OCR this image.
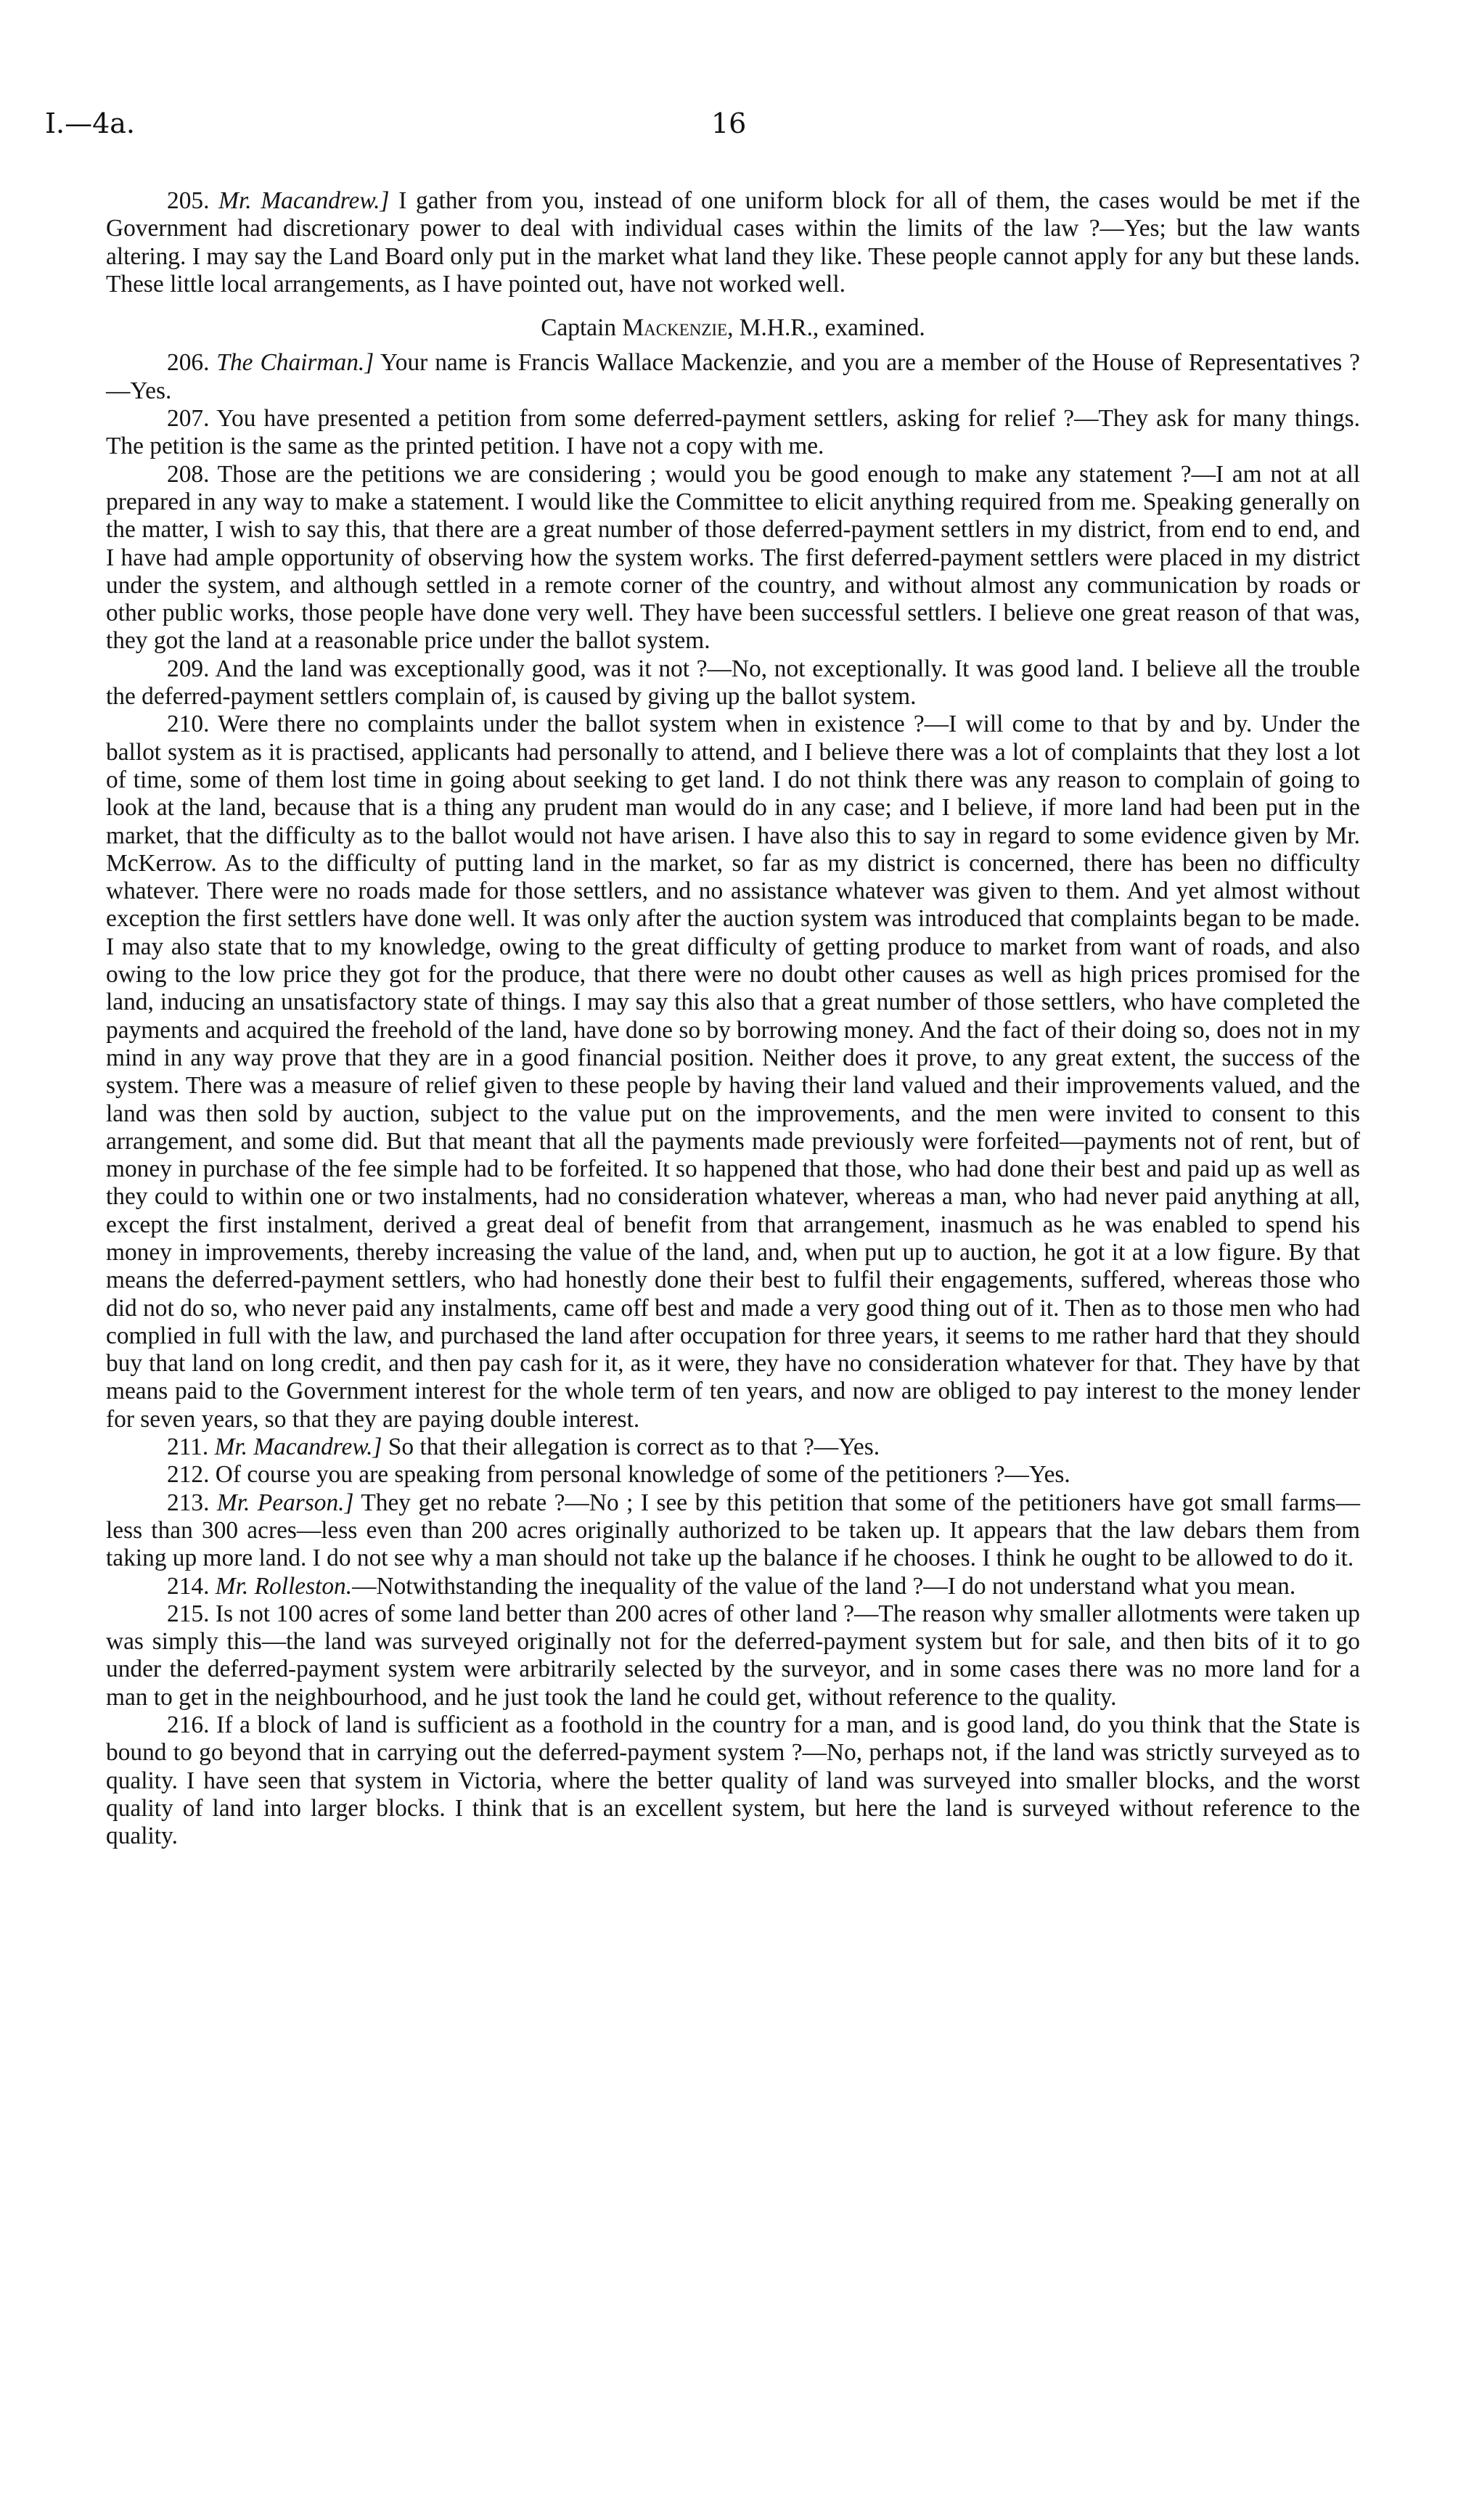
I.—4a.	16

205. Mr. Macandrew.] I gather from you, instead of one uniform block for all of them, the cases would be met if the Government had discretionary power to deal with individual cases within the limits of the law ?—Yes; but the law wants altering. I may say the Land Board only put in the market what land they like. These people cannot apply for any but these lands. These little local arrangements, as I have pointed out, have not worked well.

Captain Mackenzie, M.H.R., examined.

206. The Chairman.] Your name is Francis Wallace Mackenzie, and you are a member of the House of Representatives ?—Yes.

207. You have presented a petition from some deferred-payment settlers, asking for relief ?—They ask for many things. The petition is the same as the printed petition. I have not a copy with me.

208. Those are the petitions we are considering ; would you be good enough to make any statement ?—I am not at all prepared in any way to make a statement. I would like the Committee to elicit anything required from me. Speaking generally on the matter, I wish to say this, that there are a great number of those deferred-payment settlers in my district, from end to end, and I have had ample opportunity of observing how the system works. The first deferred-payment settlers were placed in my district under the system, and although settled in a remote corner of the country, and without almost any communication by roads or other public works, those people have done very well. They have been successful settlers. I believe one great reason of that was, they got the land at a reasonable price under the ballot system.

209. And the land was exceptionally good, was it not ?—No, not exceptionally. It was good land. I believe all the trouble the deferred-payment settlers complain of, is caused by giving up the ballot system.

210. Were there no complaints under the ballot system when in existence ?—I will come to that by and by. Under the ballot system as it is practised, applicants had personally to attend, and I believe there was a lot of complaints that they lost a lot of time, some of them lost time in going about seeking to get land. I do not think there was any reason to complain of going to look at the land, because that is a thing any prudent man would do in any case; and I believe, if more land had been put in the market, that the difficulty as to the ballot would not have arisen. I have also this to say in regard to some evidence given by Mr. McKerrow. As to the difficulty of putting land in the market, so far as my district is concerned, there has been no difficulty whatever. There were no roads made for those settlers, and no assistance whatever was given to them. And yet almost without exception the first settlers have done well. It was only after the auction system was introduced that complaints began to be made. I may also state that to my knowledge, owing to the great difficulty of getting produce to market from want of roads, and also owing to the low price they got for the produce, that there were no doubt other causes as well as high prices promised for the land, inducing an unsatisfactory state of things. I may say this also that a great number of those settlers, who have completed the payments and acquired the freehold of the land, have done so by borrowing money. And the fact of their doing so, does not in my mind in any way prove that they are in a good financial position. Neither does it prove, to any great extent, the success of the system. There was a measure of relief given to these people by having their land valued and their improvements valued, and the land was then sold by auction, subject to the value put on the improvements, and the men were invited to consent to this arrangement, and some did. But that meant that all the payments made previously were forfeited—payments not of rent, but of money in purchase of the fee simple had to be forfeited. It so happened that those, who had done their best and paid up as well as they could to within one or two instalments, had no consideration whatever, whereas a man, who had never paid anything at all, except the first instalment, derived a great deal of benefit from that arrangement, inasmuch as he was enabled to spend his money in improvements, thereby increasing the value of the land, and, when put up to auction, he got it at a low figure. By that means the deferred-payment settlers, who had honestly done their best to fulfil their engagements, suffered, whereas those who did not do so, who never paid any instalments, came off best and made a very good thing out of it. Then as to those men who had complied in full with the law, and purchased the land after occupation for three years, it seems to me rather hard that they should buy that land on long credit, and then pay cash for it, as it were, they have no consideration whatever for that. They have by that means paid to the Government interest for the whole term of ten years, and now are obliged to pay interest to the money lender for seven years, so that they are paying double interest.

211. Mr. Macandrew.] So that their allegation is correct as to that ?—Yes.

212. Of course you are speaking from personal knowledge of some of the petitioners ?—Yes.

213. Mr. Pearson.] They get no rebate ?—No ; I see by this petition that some of the petitioners have got small farms—less than 300 acres—less even than 200 acres originally authorized to be taken up. It appears that the law debars them from taking up more land. I do not see why a man should not take up the balance if he chooses. I think he ought to be allowed to do it.

214. Mr. Rolleston.—Notwithstanding the inequality of the value of the land ?—I do not understand what you mean.

215. Is not 100 acres of some land better than 200 acres of other land ?—The reason why smaller allotments were taken up was simply this—the land was surveyed originally not for the deferred-payment system but for sale, and then bits of it to go under the deferred-payment system were arbitrarily selected by the surveyor, and in some cases there was no more land for a man to get in the neighbourhood, and he just took the land he could get, without reference to the quality.

216. If a block of land is sufficient as a foothold in the country for a man, and is good land, do you think that the State is bound to go beyond that in carrying out the deferred-payment system ?—No, perhaps not, if the land was strictly surveyed as to quality. I have seen that system in Victoria, where the better quality of land was surveyed into smaller blocks, and the worst quality of land into larger blocks. I think that is an excellent system, but here the land is surveyed without reference to the quality.
